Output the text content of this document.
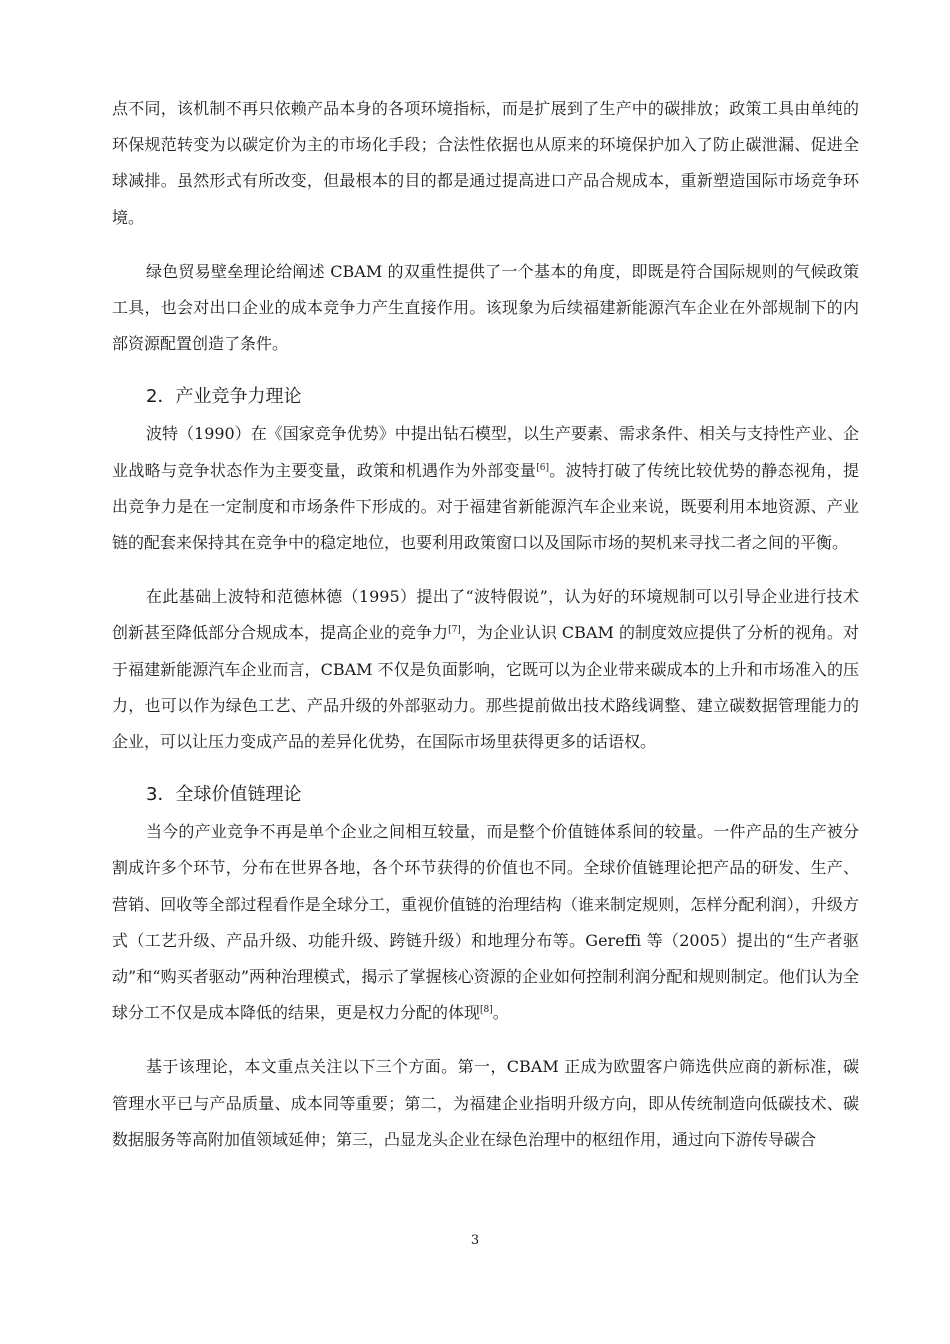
点不同，该机制不再只依赖产品本身的各项环境指标，而是扩展到了生产中的碳排放；政策工具由单纯的环保规范转变为以碳定价为主的市场化手段；合法性依据也从原来的环境保护加入了防止碳泄漏、促进全球减排。虽然形式有所改变，但最根本的目的都是通过提高进口产品合规成本，重新塑造国际市场竞争环境。

绿色贸易壁垒理论给阐述 CBAM 的双重性提供了一个基本的角度，即既是符合国际规则的气候政策工具，也会对出口企业的成本竞争力产生直接作用。该现象为后续福建新能源汽车企业在外部规制下的内部资源配置创造了条件。

2．产业竞争力理论

波特（1990）在《国家竞争优势》中提出钻石模型，以生产要素、需求条件、相关与支持性产业、企业战略与竞争状态作为主要变量，政策和机遇作为外部变量[6]。波特打破了传统比较优势的静态视角，提出竞争力是在一定制度和市场条件下形成的。对于福建省新能源汽车企业来说，既要利用本地资源、产业链的配套来保持其在竞争中的稳定地位，也要利用政策窗口以及国际市场的契机来寻找二者之间的平衡。

在此基础上波特和范德林德（1995）提出了“波特假说”，认为好的环境规制可以引导企业进行技术创新甚至降低部分合规成本，提高企业的竞争力[7]，为企业认识 CBAM 的制度效应提供了分析的视角。对于福建新能源汽车企业而言，CBAM 不仅是负面影响，它既可以为企业带来碳成本的上升和市场准入的压力，也可以作为绿色工艺、产品升级的外部驱动力。那些提前做出技术路线调整、建立碳数据管理能力的企业，可以让压力变成产品的差异化优势，在国际市场里获得更多的话语权。

3．全球价值链理论

当今的产业竞争不再是单个企业之间相互较量，而是整个价值链体系间的较量。一件产品的生产被分割成许多个环节，分布在世界各地，各个环节获得的价值也不同。全球价值链理论把产品的研发、生产、营销、回收等全部过程看作是全球分工，重视价值链的治理结构（谁来制定规则，怎样分配利润），升级方式（工艺升级、产品升级、功能升级、跨链升级）和地理分布等。Gereffi 等（2005）提出的“生产者驱动”和“购买者驱动”两种治理模式，揭示了掌握核心资源的企业如何控制利润分配和规则制定。他们认为全球分工不仅是成本降低的结果，更是权力分配的体现[8]。

基于该理论，本文重点关注以下三个方面。第一，CBAM 正成为欧盟客户筛选供应商的新标准，碳管理水平已与产品质量、成本同等重要；第二，为福建企业指明升级方向，即从传统制造向低碳技术、碳数据服务等高附加值领域延伸；第三，凸显龙头企业在绿色治理中的枢纽作用，通过向下游传导碳合

3
